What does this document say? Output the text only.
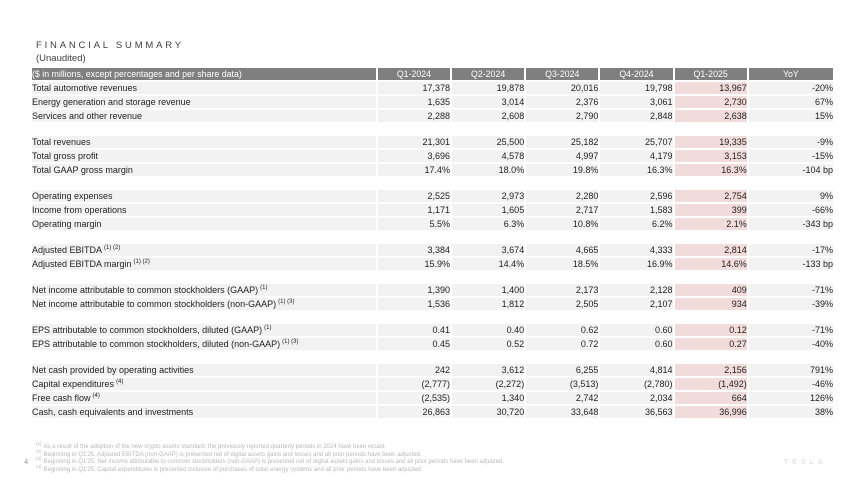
FINANCIAL SUMMARY
(Unaudited)
($ in millions, except percentages and per share data)	Q1-2024	Q2-2024	Q3-2024	Q4-2024	Q1-2025	YoY
Total automotive revenues	17,378	19,878	20,016	19,798	13,967	-20%
Energy generation and storage revenue	1,635	3,014	2,376	3,061	2,730	67%
Services and other revenue	2,288	2,608	2,790	2,848	2,638	15%

Total revenues	21,301	25,500	25,182	25,707	19,335	-9%
Total gross profit	3,696	4,578	4,997	4,179	3,153	-15%
Total GAAP gross margin	17.4%	18.0%	19.8%	16.3%	16.3%	-104 bp

Operating expenses	2,525	2,973	2,280	2,596	2,754	9%
Income from operations	1,171	1,605	2,717	1,583	399	-66%
Operating margin	5.5%	6.3%	10.8%	6.2%	2.1%	-343 bp

Adjusted EBITDA $^{(1) (2)}$	3,384	3,674	4,665	4,333	2,814	-17%
Adjusted EBITDA margin $^{(1) (2)}$	15.9%	14.4%	18.5%	16.9%	14.6%	-133 bp

Net income attributable to common stockholders (GAAP) $^{(1)}$	1,390	1,400	2,173	2,128	409	-71%
Net income attributable to common stockholders (non-GAAP) $^{(1) (3)}$	1,536	1,812	2,505	2,107	934	-39%

EPS attributable to common stockholders, diluted (GAAP) $^{(1)}$	0.41	0.40	0.62	0.60	0.12	-71%
EPS attributable to common stockholders, diluted (non-GAAP) $^{(1) (3)}$	0.45	0.52	0.72	0.60	0.27	-40%

Net cash provided by operating activities	242	3,612	6,255	4,814	2,156	791%
Capital expenditures $^{(4)}$	(2,777)	(2,272)	(3,513)	(2,780)	(1,492)	-46%
Free cash flow $^{(4)}$	(2,535)	1,340	2,742	2,034	664	126%
Cash, cash equivalents and investments	26,863	30,720	33,648	36,563	36,996	38%
$^{(1)}$As a result of the adoption of the new crypto assets standard, the previously reported quarterly periods in 2024 have been recast.
$^{(2)}$Beginning in Q1'25, Adjusted EBITDA (non-GAAP) is presented net of digital assets gains and losses and all prior periods have been adjusted.
$^{(3)}$Beginning in Q1'25, Net income attributable to common stockholders (non-GAAP) is presented net of digital assets gains and losses and all prior periods have been adjusted.
$^{(4)}$Beginning in Q1'25, Capital expenditures is presented inclusive of purchases of solar energy systems and all prior periods have been adjusted.
4	TESLA
